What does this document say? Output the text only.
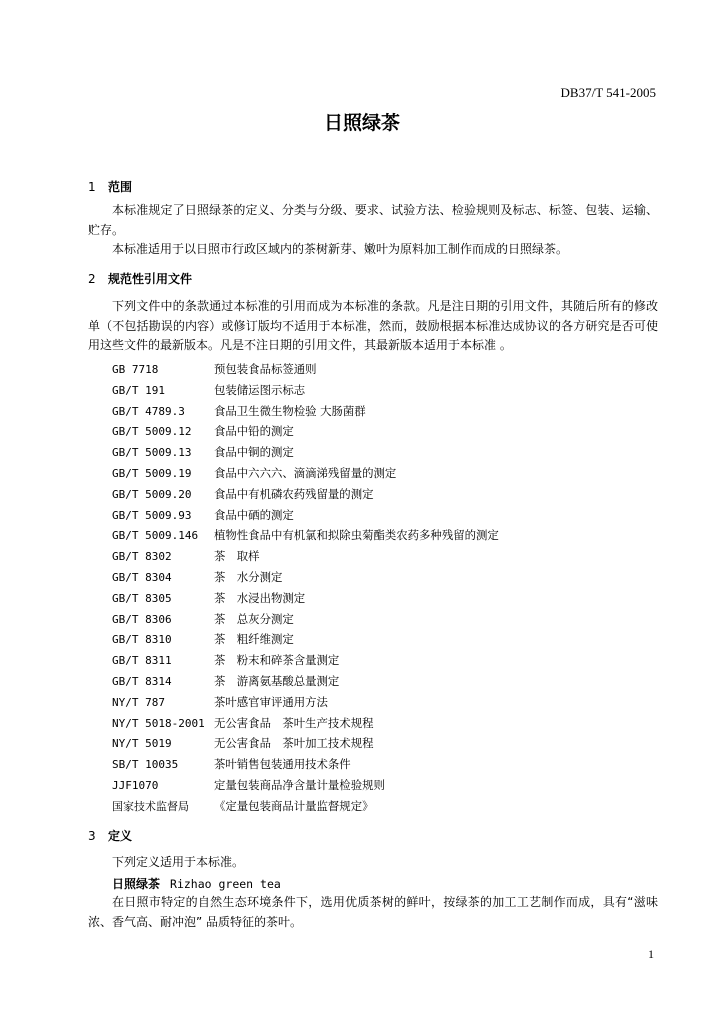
DB37/T 541-2005
日照绿茶
1 范围
本标准规定了日照绿茶的定义、分类与分级、要求、试验方法、检验规则及标志、标签、包装、运输、贮存。
本标准适用于以日照市行政区域内的茶树新芽、嫩叶为原料加工制作而成的日照绿茶。
2 规范性引用文件
下列文件中的条款通过本标准的引用而成为本标准的条款。凡是注日期的引用文件，其随后所有的修改单（不包括勘误的内容）或修订版均不适用于本标准，然而，鼓励根据本标准达成协议的各方研究是否可使用这些文件的最新版本。凡是不注日期的引用文件，其最新版本适用于本标准 。
GB 7718	预包装食品标签通则
GB/T 191	包装储运图示标志
GB/T 4789.3	食品卫生微生物检验 大肠菌群
GB/T 5009.12 食品中铅的测定
GB/T 5009.13 食品中铜的测定
GB/T 5009.19 食品中六六六、滴滴涕残留量的测定
GB/T 5009.20 食品中有机磷农药残留量的测定
GB/T 5009.93 食品中硒的测定
GB/T 5009.146 植物性食品中有机氯和拟除虫菊酯类农药多种残留的测定
GB/T 8302	茶　取样
GB/T 8304	茶　水分测定
GB/T 8305	茶　水浸出物测定
GB/T 8306	茶　总灰分测定
GB/T 8310	茶　粗纤维测定
GB/T 8311	茶　粉末和碎茶含量测定
GB/T 8314	茶　游离氨基酸总量测定
NY/T 787	茶叶感官审评通用方法
NY/T 5018-2001 无公害食品　茶叶生产技术规程
NY/T 5019	无公害食品　茶叶加工技术规程
SB/T 10035	茶叶销售包装通用技术条件
JJF1070	定量包装商品净含量计量检验规则
国家技术监督局 《定量包装商品计量监督规定》
3 定义
下列定义适用于本标准。
日照绿茶 Rizhao green tea
在日照市特定的自然生态环境条件下，选用优质茶树的鲜叶，按绿茶的加工工艺制作而成，具有“滋味浓、香气高、耐冲泡” 品质特征的茶叶。
1
